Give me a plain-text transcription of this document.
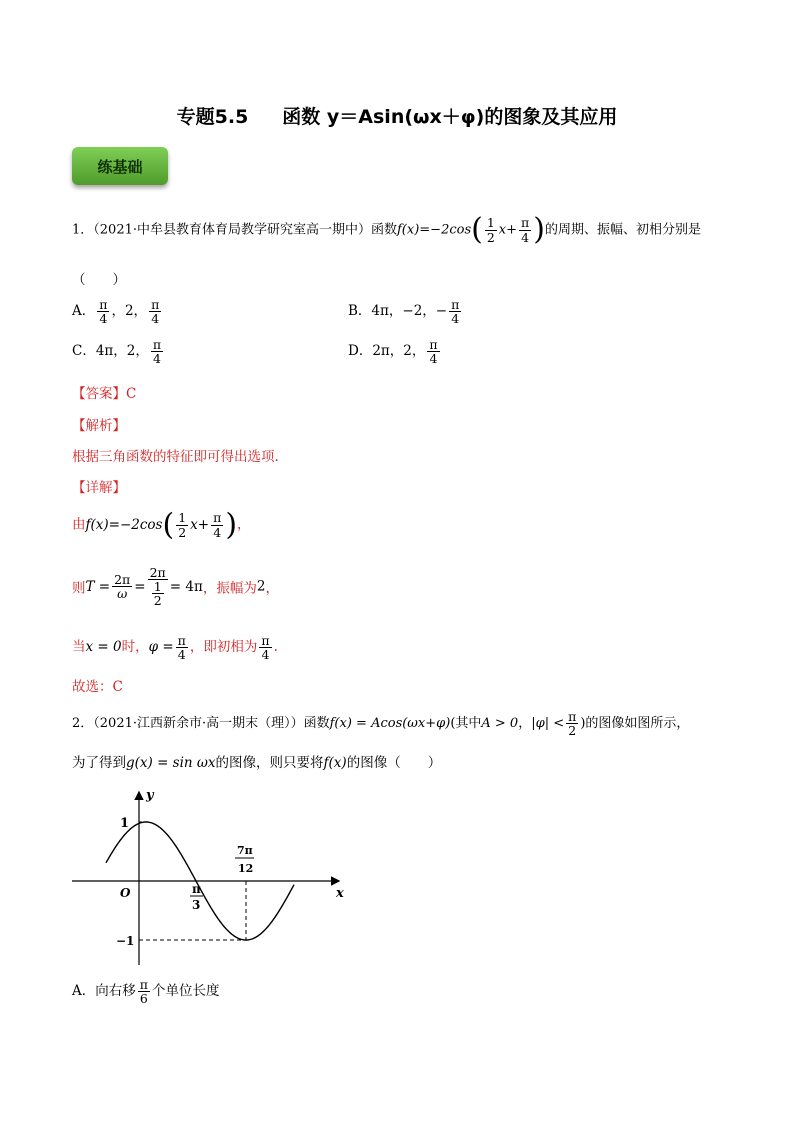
专题5.5 函数 y＝Asin(ωx＋φ)的图象及其应用
练基础
1．（2021·中牟县教育体育局教学研究室高一期中）函数$f(x)=-2\cos( \frac{1}{2} x+ \frac{\pi}{4}$ )的周期、振幅、初相分别是
（　　）
A． $\frac{\pi}{4}$ ，2， $\frac{\pi}{4}$	B．4π，−2，− $\frac{\pi}{4}$
C．4π，2， $\frac{\pi}{4}$	D．2π，2， $\frac{\pi}{4}$
【答案】C
【解析】
根据三角函数的特征即可得出选项.
【详解】
由$f(x)=-2\cos( \frac{1}{2} x+ \frac{\pi}{4}$ )，
则 $T = \frac{2\pi}{\omega} = \frac{2\pi}{\frac{1}{2}} = 4\pi$ ，振幅为2，
当x = 0时，$\varphi = \frac{\pi}{4}$ ，即初相为 $\frac{\pi}{4}$ .
故选：C
2．（2021·江西新余市·高一期末（理））函数f(x) = Acos(ωx+φ)(其中A > 0，$|\varphi| < \frac{\pi}{2}$ )的图像如图所示，
为了得到g(x) = sin ωx的图像，则只要将f(x)的图像（　　）
y
x
O
1
−1
π
3
7π
12
A．向右移 $\frac{\pi}{6}$ 个单位长度
